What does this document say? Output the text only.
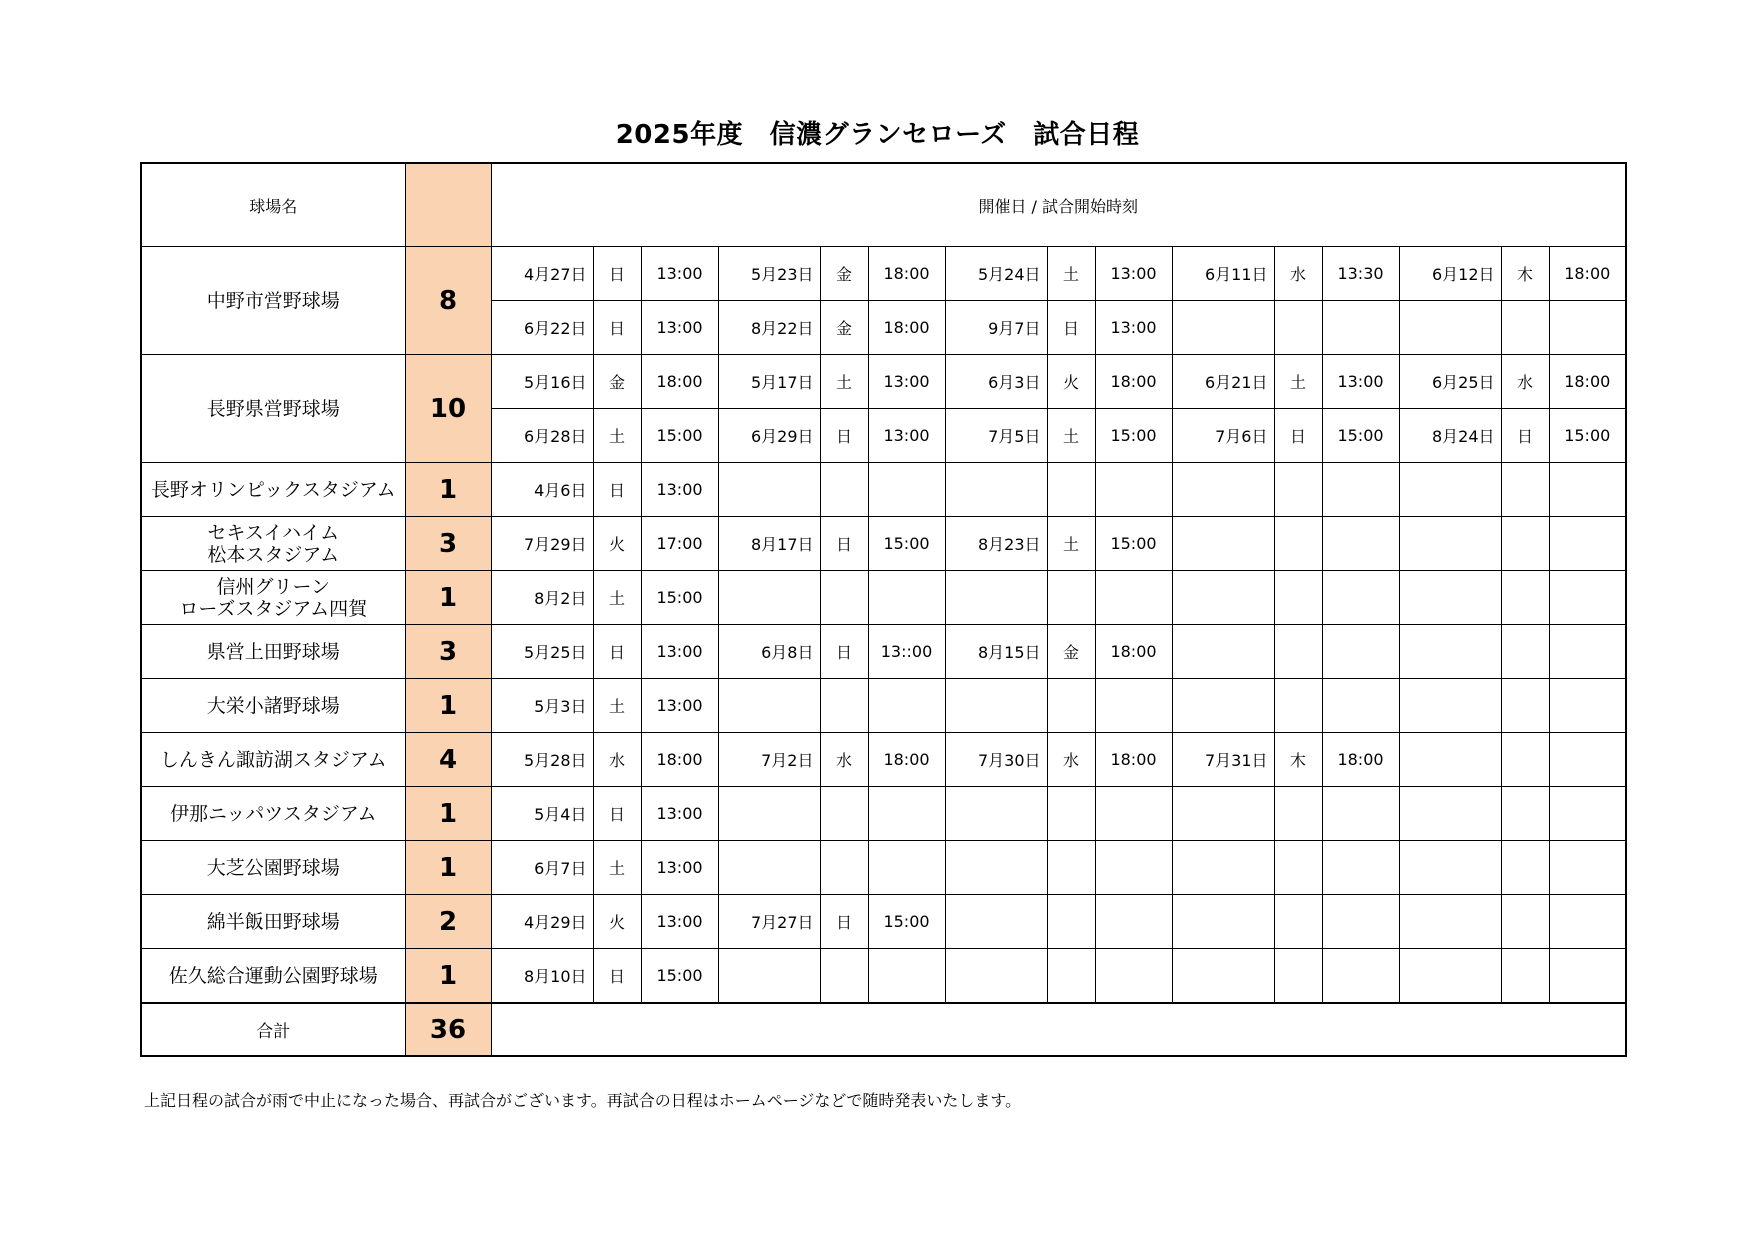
2025年度　信濃グランセローズ　試合日程
球場名		開催日 / 試合開始時刻														
中野市営野球場	8	4月27日	日	13:00	5月23日	金	18:00	5月24日	土	13:00	6月11日	水	13:30	6月12日	木	18:00
		6月22日	日	13:00	8月22日	金	18:00	9月7日	日	13:00						
長野県営野球場	10	5月16日	金	18:00	5月17日	土	13:00	6月3日	火	18:00	6月21日	土	13:00	6月25日	水	18:00
		6月28日	土	15:00	6月29日	日	13:00	7月5日	土	15:00	7月6日	日	15:00	8月24日	日	15:00
長野オリンピックスタジアム	1	4月6日	日	13:00												
セキスイハイム
松本スタジアム	3	7月29日	火	17:00	8月17日	日	15:00	8月23日	土	15:00						
信州グリーン
ローズスタジアム四賀	1	8月2日	土	15:00												
県営上田野球場	3	5月25日	日	13:00	6月8日	日	13::00	8月15日	金	18:00						
大栄小諸野球場	1	5月3日	土	13:00												
しんきん諏訪湖スタジアム	4	5月28日	水	18:00	7月2日	水	18:00	7月30日	水	18:00	7月31日	木	18:00			
伊那ニッパツスタジアム	1	5月4日	日	13:00												
大芝公園野球場	1	6月7日	土	13:00												
綿半飯田野球場	2	4月29日	火	13:00	7月27日	日	15:00									
佐久総合運動公園野球場	1	8月10日	日	15:00												
合計	36															
上記日程の試合が雨で中止になった場合、再試合がございます。再試合の日程はホームページなどで随時発表いたします。
